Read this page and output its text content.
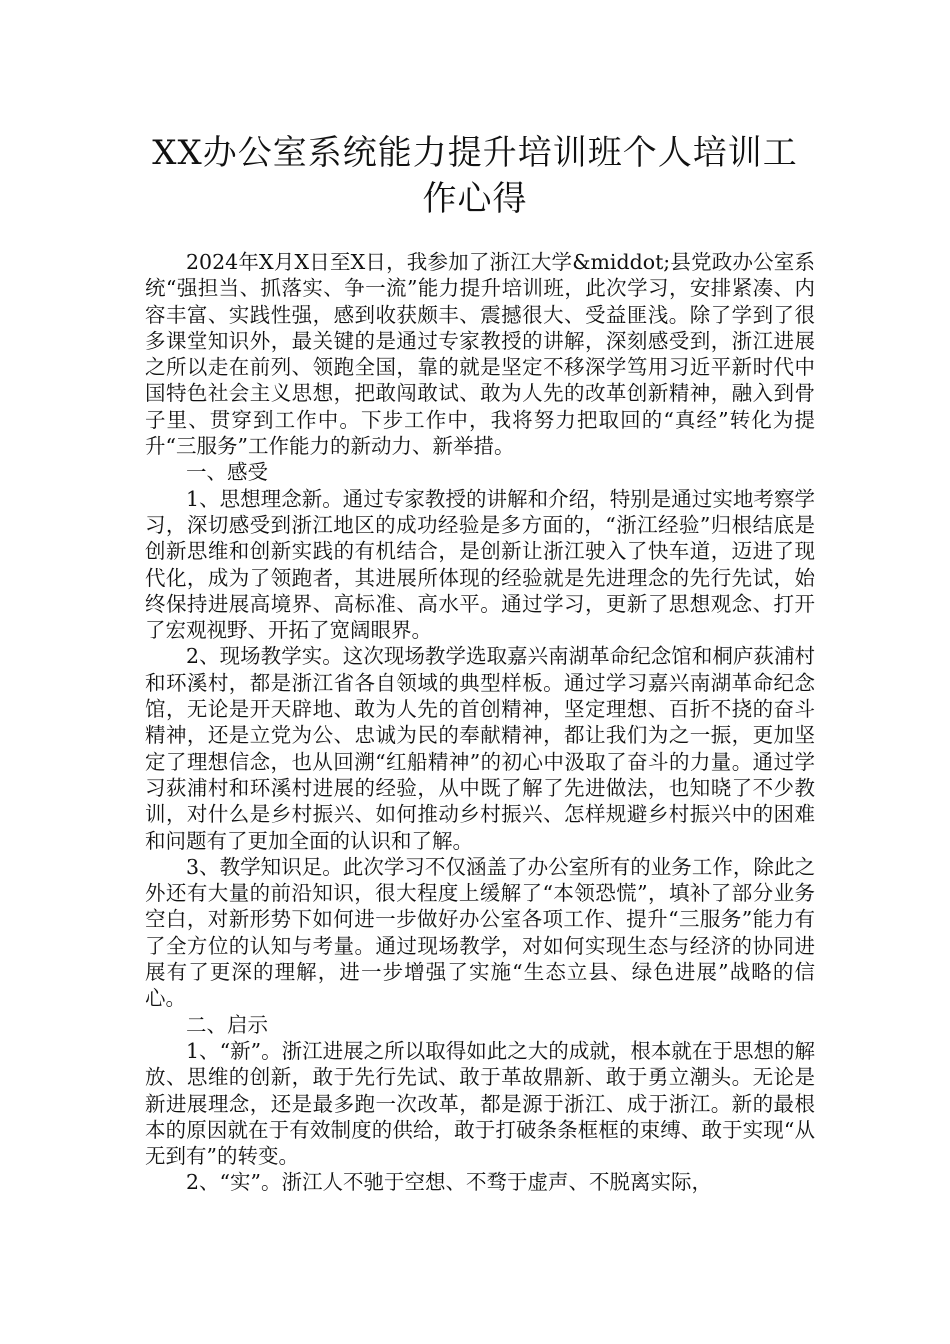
XX办公室系统能力提升培训班个人培训工
作心得

2024年X月X日至X日，我参加了浙江大学&middot;县党政办公室系统“强担当、抓落实、争一流”能力提升培训班，此次学习，安排紧凑、内容丰富、实践性强，感到收获颇丰、震撼很大、受益匪浅。除了学到了很多课堂知识外，最关键的是通过专家教授的讲解，深刻感受到，浙江进展之所以走在前列、领跑全国，靠的就是坚定不移深学笃用习近平新时代中国特色社会主义思想，把敢闯敢试、敢为人先的改革创新精神，融入到骨子里、贯穿到工作中。下步工作中，我将努力把取回的“真经”转化为提升“三服务”工作能力的新动力、新举措。

一、感受

1、思想理念新。通过专家教授的讲解和介绍，特别是通过实地考察学习，深切感受到浙江地区的成功经验是多方面的，“浙江经验”归根结底是创新思维和创新实践的有机结合，是创新让浙江驶入了快车道，迈进了现代化，成为了领跑者，其进展所体现的经验就是先进理念的先行先试，始终保持进展高境界、高标准、高水平。通过学习，更新了思想观念、打开了宏观视野、开拓了宽阔眼界。

2、现场教学实。这次现场教学选取嘉兴南湖革命纪念馆和桐庐荻浦村和环溪村，都是浙江省各自领域的典型样板。通过学习嘉兴南湖革命纪念馆，无论是开天辟地、敢为人先的首创精神，坚定理想、百折不挠的奋斗精神，还是立党为公、忠诚为民的奉献精神，都让我们为之一振，更加坚定了理想信念，也从回溯“红船精神”的初心中汲取了奋斗的力量。通过学习荻浦村和环溪村进展的经验，从中既了解了先进做法，也知晓了不少教训，对什么是乡村振兴、如何推动乡村振兴、怎样规避乡村振兴中的困难和问题有了更加全面的认识和了解。

3、教学知识足。此次学习不仅涵盖了办公室所有的业务工作，除此之外还有大量的前沿知识，很大程度上缓解了“本领恐慌”，填补了部分业务空白，对新形势下如何进一步做好办公室各项工作、提升“三服务”能力有了全方位的认知与考量。通过现场教学，对如何实现生态与经济的协同进展有了更深的理解，进一步增强了实施“生态立县、绿色进展”战略的信心。

二、启示

1、“新”。浙江进展之所以取得如此之大的成就，根本就在于思想的解放、思维的创新，敢于先行先试、敢于革故鼎新、敢于勇立潮头。无论是新进展理念，还是最多跑一次改革，都是源于浙江、成于浙江。新的最根本的原因就在于有效制度的供给，敢于打破条条框框的束缚、敢于实现“从无到有”的转变。

2、“实”。浙江人不驰于空想、不骛于虚声、不脱离实际，
